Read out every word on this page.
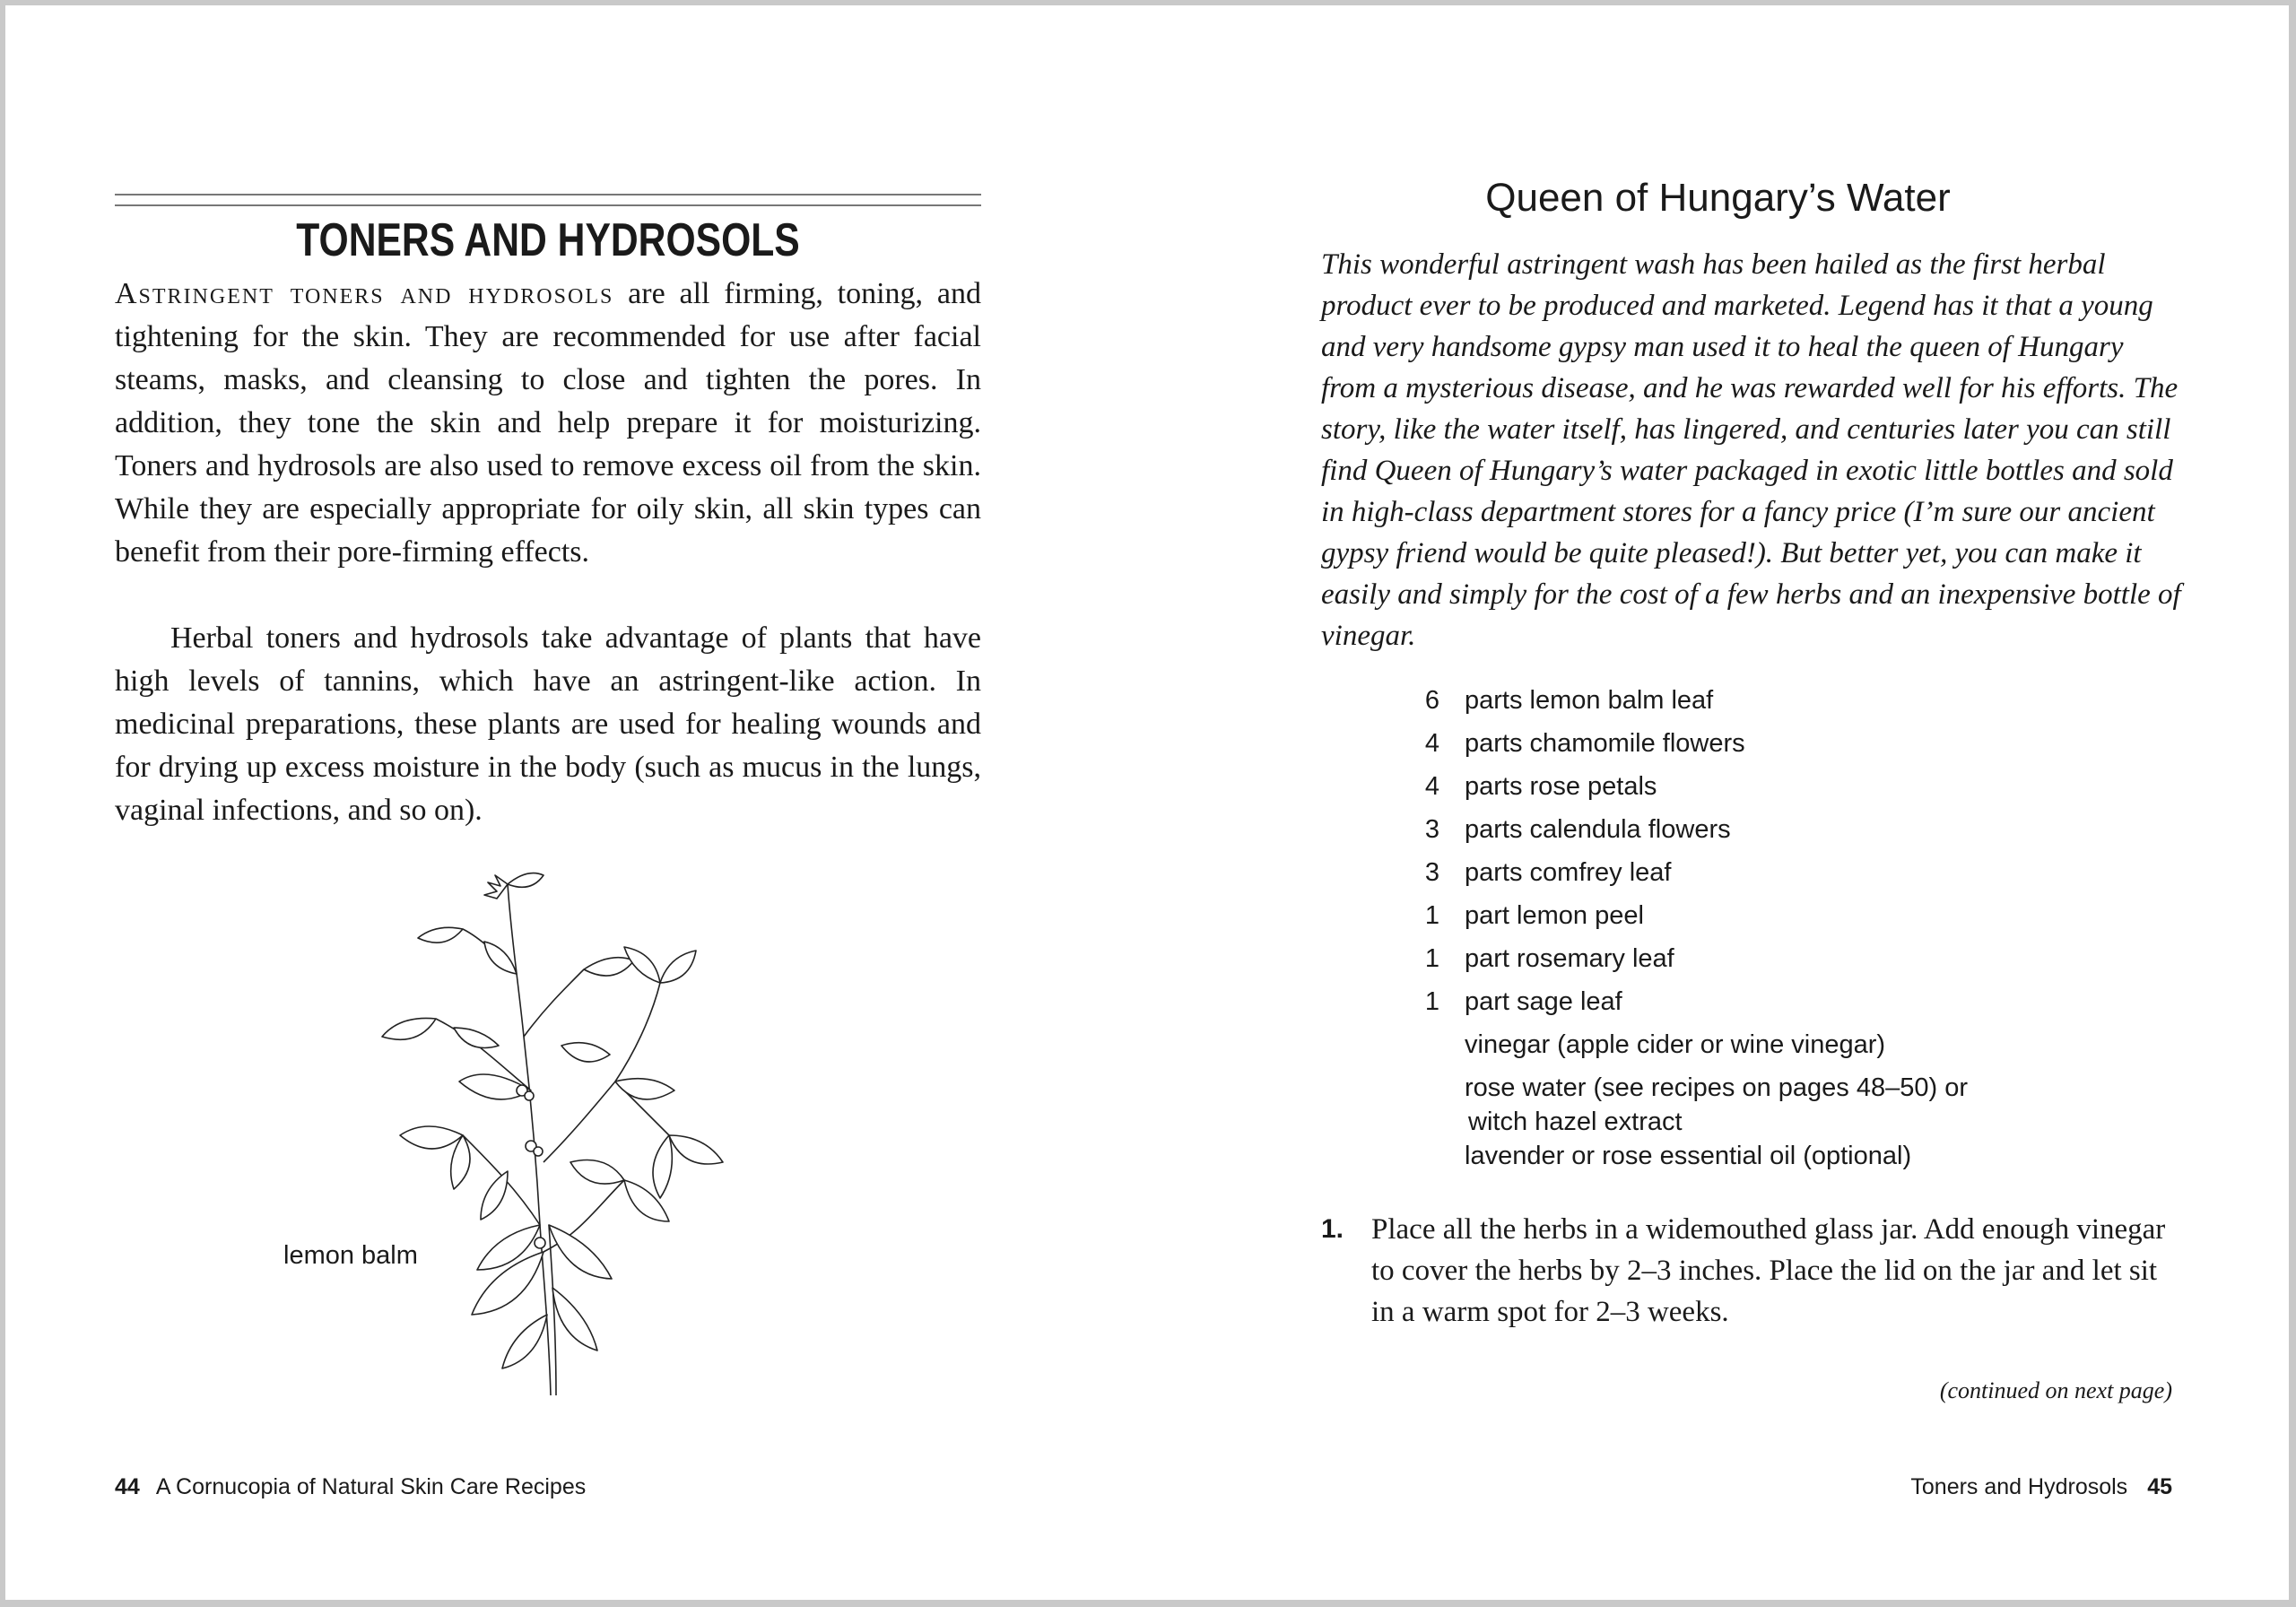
TONERS AND HYDROSOLS

Astringent toners and hydrosols are all firming, toning, and tightening for the skin. They are recommended for use after facial steams, masks, and cleansing to close and tighten the pores. In addition, they tone the skin and help prepare it for moisturizing. Toners and hydrosols are also used to remove excess oil from the skin. While they are especially appropriate for oily skin, all skin types can benefit from their pore-firming effects.

Herbal toners and hydrosols take advantage of plants that have high levels of tannins, which have an astringent-like action. In medicinal preparations, these plants are used for healing wounds and for drying up excess moisture in the body (such as mucus in the lungs, vaginal infections, and so on).

lemon balm
44 A Cornucopia of Natural Skin Care Recipes
Queen of Hungary’s Water

This wonderful astringent wash has been hailed as the first herbal product ever to be produced and marketed. Legend has it that a young and very handsome gypsy man used it to heal the queen of Hungary from a mysterious disease, and he was rewarded well for his efforts. The story, like the water itself, has lingered, and centuries later you can still find Queen of Hungary’s water packaged in exotic little bottles and sold in high-class department stores for a fancy price (I’m sure our ancient gypsy friend would be quite pleased!). But better yet, you can make it easily and simply for the cost of a few herbs and an inexpensive bottle of vinegar.

6 parts lemon balm leaf
4 parts chamomile flowers
4 parts rose petals
3 parts calendula flowers
3 parts comfrey leaf
1 part lemon peel
1 part rosemary leaf
1 part sage leaf
vinegar (apple cider or wine vinegar)
rose water (see recipes on pages 48–50) or
witch hazel extract
lavender or rose essential oil (optional)
1. Place all the herbs in a widemouthed glass jar. Add enough vinegar to cover the herbs by 2–3 inches. Place the lid on the jar and let sit in a warm spot for 2–3 weeks.
(continued on next page)
Toners and Hydrosols 45
